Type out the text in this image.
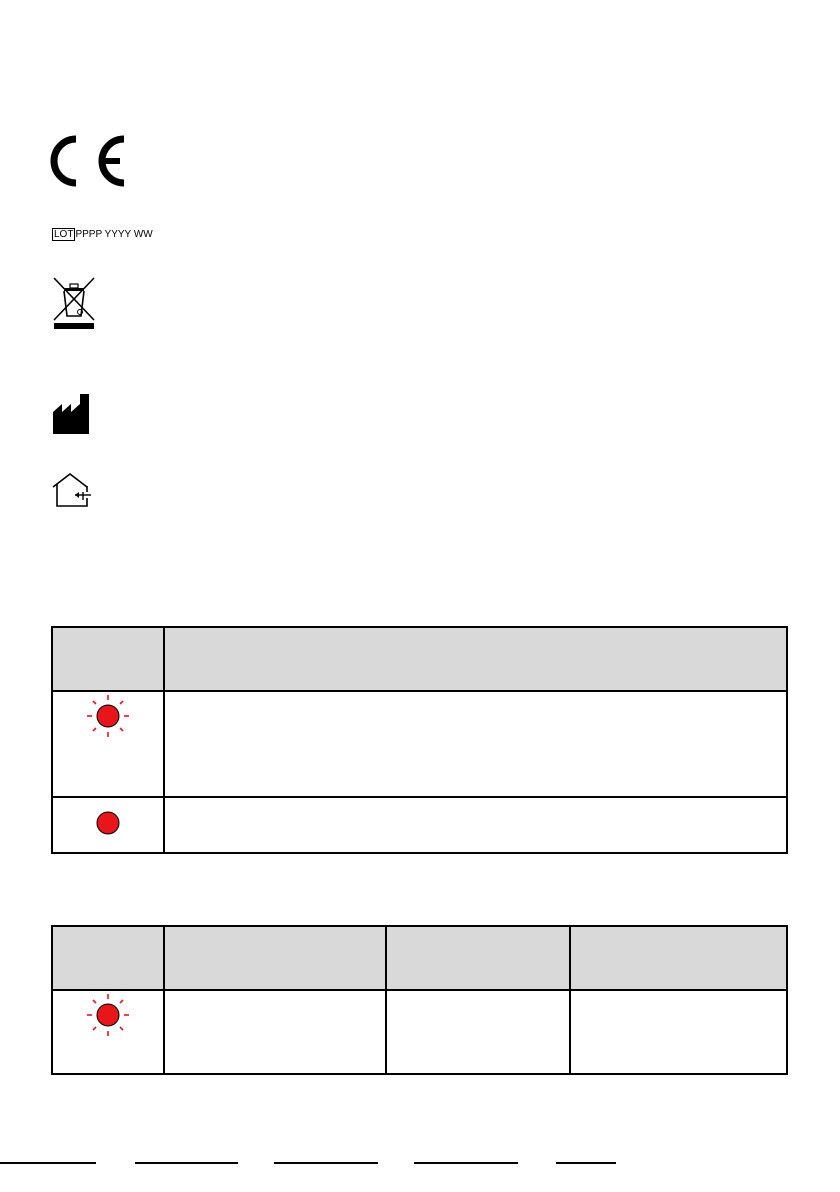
LOT PPPP YYYY WW
